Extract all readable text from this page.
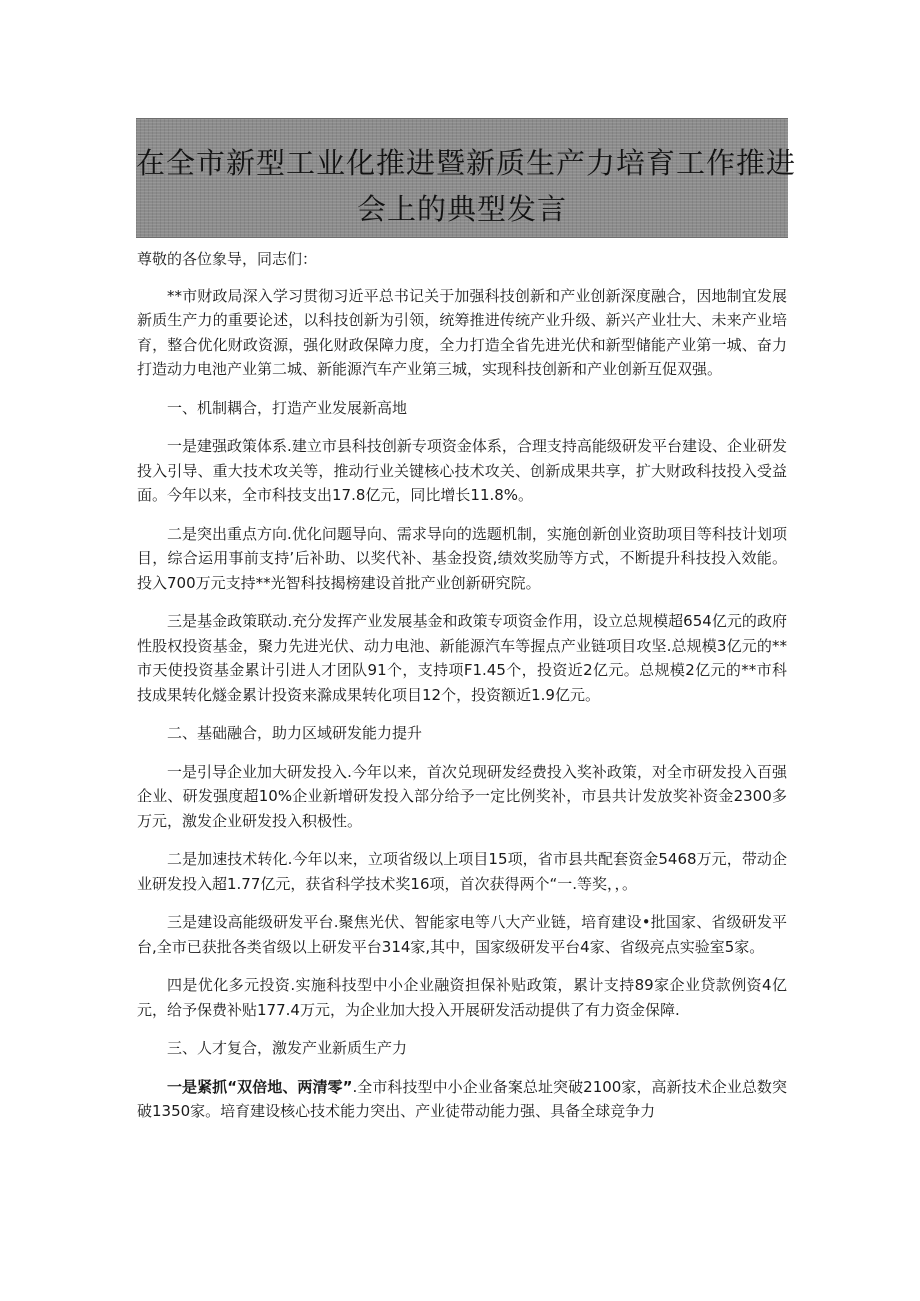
在全市新型工业化推进暨新质生产力培育工作推进
会上的典型发言

尊敬的各位象导，同志们：

**市财政局深入学习贯彻习近平总书记关于加强科技创新和产业创新深度融合，因地制宜发展新质生产力的重要论述，以科技创新为引领，统筹推进传统产业升级、新兴产业壮大、未来产业培育，整合优化财政资源，强化财政保障力度，全力打造全省先进光伏和新型储能产业第一城、奋力打造动力电池产业第二城、新能源汽车产业第三城，实现科技创新和产业创新互促双强。

一、机制耦合，打造产业发展新高地

一是建强政策体系.建立市县科技创新专项资金体系，合理支持高能级研发平台建设、企业研发投入引导、重大技术攻关等，推动行业关键核心技术攻关、创新成果共享，扩大财政科技投入受益面。今年以来，全市科技支出17.8亿元，同比增长11.8%。

二是突出重点方向.优化问题导向、需求导向的选题机制，实施创新创业资助项目等科技计划项目，综合运用事前支持’后补助、以奖代补、基金投资,绩效奖励等方式，不断提升科技投入效能。投入700万元支持**光智科技揭榜建设首批产业创新研究院。

三是基金政策联动.充分发挥产业发展基金和政策专项资金作用，设立总规模超654亿元的政府性股权投资基金，聚力先进光伏、动力电池、新能源汽车等握点产业链项目攻坚.总规模3亿元的**市天使投资基金累计引进人才团队91个，支持项F1.45个，投资近2亿元。总规模2亿元的**市科技成果转化燧金累计投资来滁成果转化项目12个，投资额近1.9亿元。

二、基础融合，助力区域研发能力提升

一是引导企业加大研发投入.今年以来，首次兑现研发经费投入奖补政策，对全市研发投入百强企业、研发强度超10%企业新增研发投入部分给予一定比例奖补，市县共计发放奖补资金2300多万元，激发企业研发投入积极性。

二是加速技术转化.今年以来，立项省级以上项目15项，省市县共配套资金5468万元，带动企业研发投入超1.77亿元，获省科学技术奖16项，首次获得两个“一.等奖，，。

三是建设高能级研发平台.聚焦光伏、智能家电等八大产业链，培育建设•批国家、省级研发平台,全市已获批各类省级以上研发平台314家,其中，国家级研发平台4家、省级亮点实验室5家。

四是优化多元投资.实施科技型中小企业融资担保补贴政策，累计支持89家企业贷款例资4亿元，给予保费补贴177.4万元，为企业加大投入开展研发活动提供了有力资金保障.

三、人才复合，激发产业新质生产力

一是紧抓“双倍地、两清零”.全市科技型中小企业备案总址突破2100家，高新技术企业总数突破1350家。培育建设核心技术能力突出、产业徒带动能力强、具备全球竞争力
